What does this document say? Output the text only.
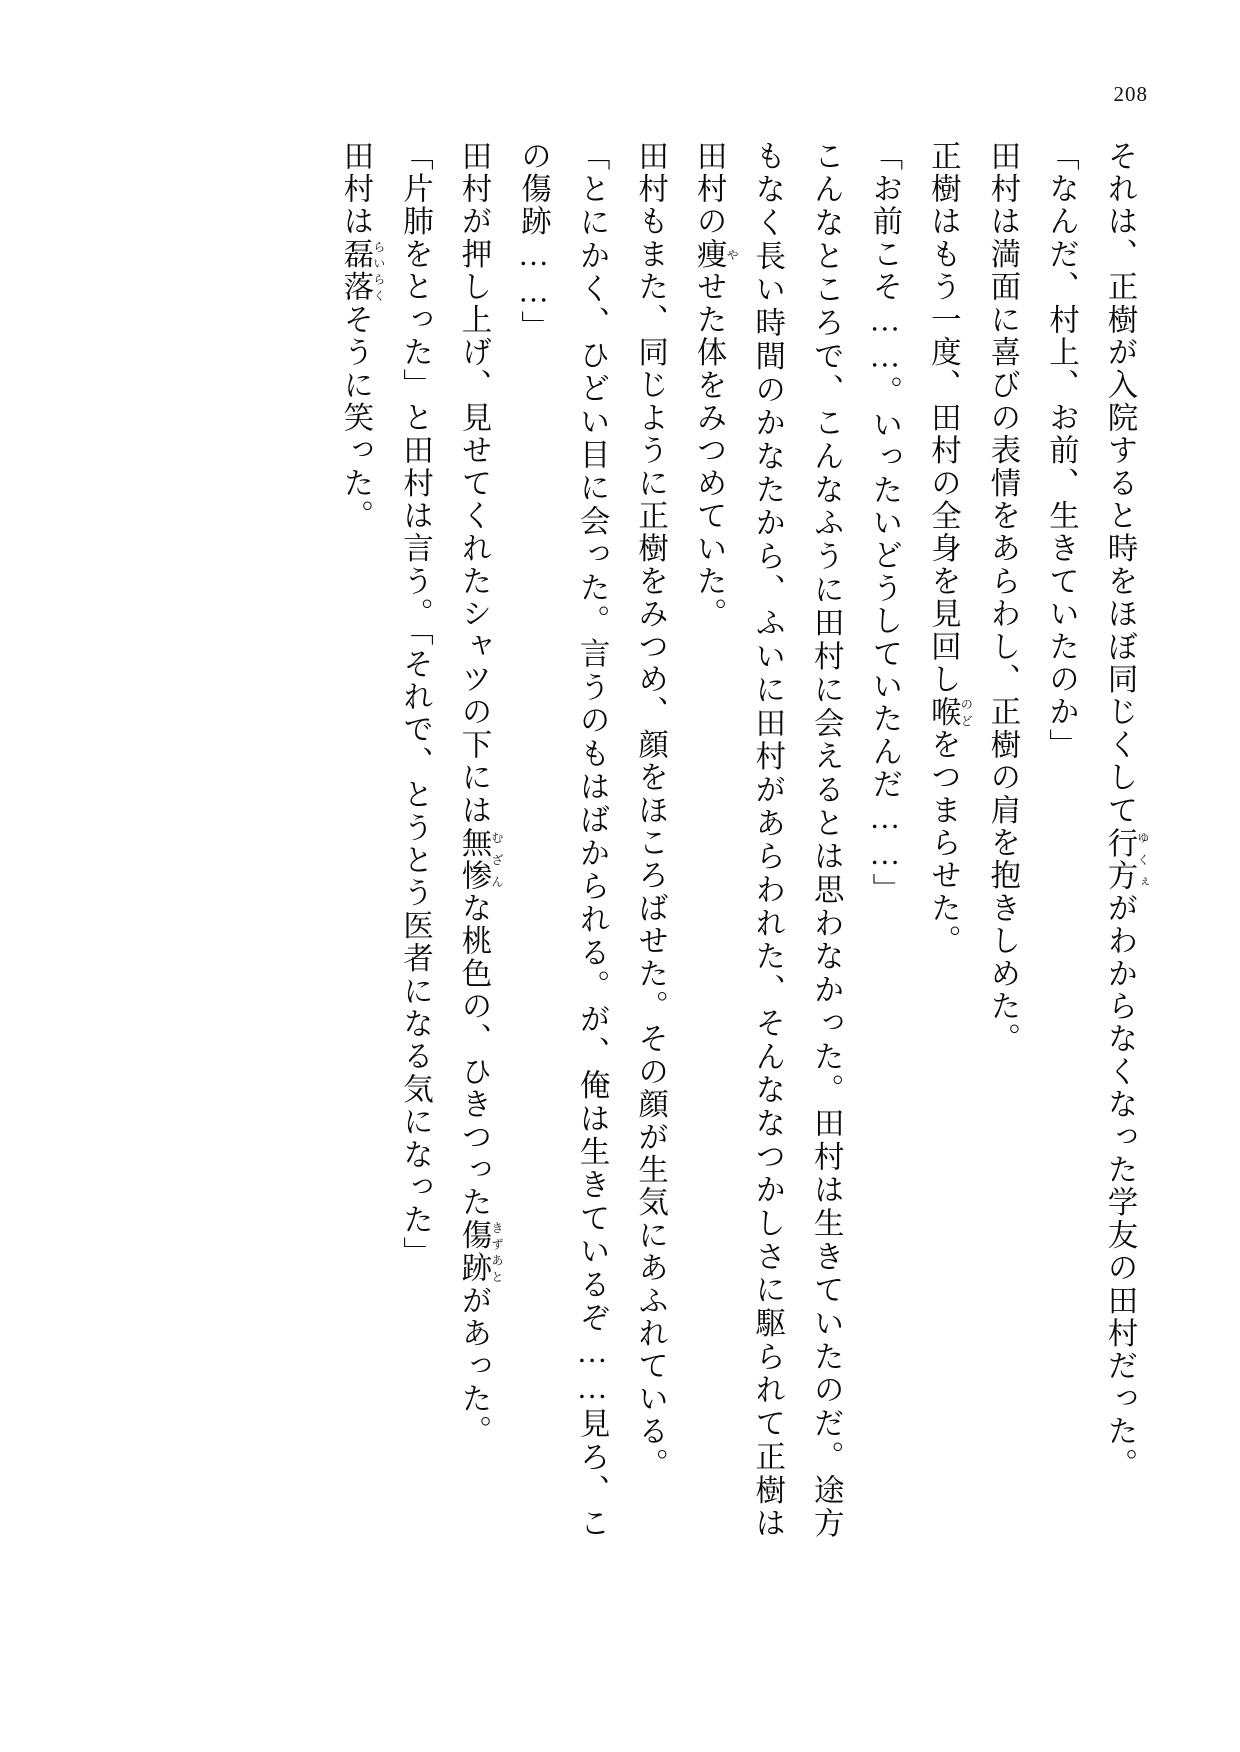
208

それは、正樹が入院すると時をほぼ同じくして行方 ゆくぇがわからなくなった学友の田村だった。

「なんだ、村上、お前、生きていたのか」

田村は満面に喜びの表情をあらわし、正樹の肩を抱きしめた。

正樹はもう一度、田村の全身を見回し喉 のどをつまらせた。

「お前こそ……。いったいどうしていたんだ……」

こんなところで、こんなふうに田村に会えるとは思わなかった。田村は生きていたのだ。途方もなく長い時間のかなたから、ふいに田村があらわれた、そんななつかしさに駆られて正樹は田村の痩 やせた体をみつめていた。

田村もまた、同じように正樹をみつめ、顔をほころばせた。その顔が生気にあふれている。

「とにかく、ひどい目に会った。言うのもはばかられる。が、俺は生きているぞ……見ろ、この傷跡……」

田村が押し上げ、見せてくれたシャツの下には無惨 むざんな桃色の、ひきつった傷跡 きずあとがあった。

「片肺をとった」と田村は言う。「それで、とうとう医者になる気になった」

田村は磊落 らいらくそうに笑った。
